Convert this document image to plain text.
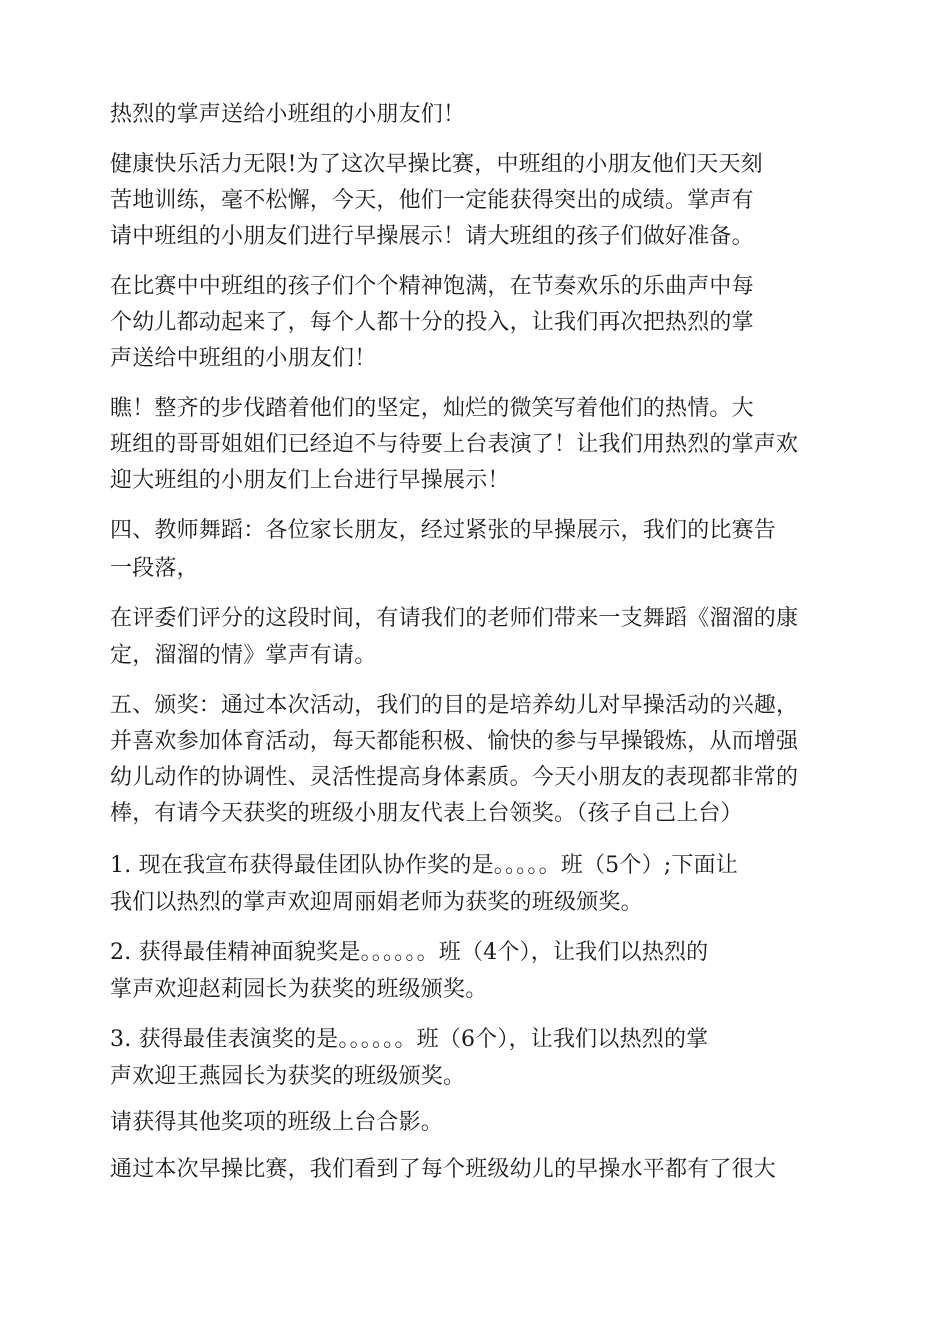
热烈的掌声送给小班组的小朋友们！
健康快乐活力无限!为了这次早操比赛，中班组的小朋友他们天天刻
苦地训练，毫不松懈，今天，他们一定能获得突出的成绩。掌声有
请中班组的小朋友们进行早操展示！请大班组的孩子们做好准备。
在比赛中中班组的孩子们个个精神饱满，在节奏欢乐的乐曲声中每
个幼儿都动起来了，每个人都十分的投入，让我们再次把热烈的掌
声送给中班组的小朋友们！
瞧！整齐的步伐踏着他们的坚定，灿烂的微笑写着他们的热情。大
班组的哥哥姐姐们已经迫不与待要上台表演了！让我们用热烈的掌声欢
迎大班组的小朋友们上台进行早操展示！
四、教师舞蹈：各位家长朋友，经过紧张的早操展示，我们的比赛告
一段落，
在评委们评分的这段时间，有请我们的老师们带来一支舞蹈《溜溜的康
定，溜溜的情》掌声有请。
五、颁奖：通过本次活动，我们的目的是培养幼儿对早操活动的兴趣，
并喜欢参加体育活动，每天都能积极、愉快的参与早操锻炼，从而增强
幼儿动作的协调性、灵活性提高身体素质。今天小朋友的表现都非常的
棒，有请今天获奖的班级小朋友代表上台领奖。（孩子自己上台）
1. 现在我宣布获得最佳团队协作奖的是。。。。。班（5个）;下面让
我们以热烈的掌声欢迎周丽娟老师为获奖的班级颁奖。
2. 获得最佳精神面貌奖是。。。。。。班（4个），让我们以热烈的
掌声欢迎赵莉园长为获奖的班级颁奖。
3. 获得最佳表演奖的是。。。。。。班（6个），让我们以热烈的掌
声欢迎王燕园长为获奖的班级颁奖。
请获得其他奖项的班级上台合影。
通过本次早操比赛，我们看到了每个班级幼儿的早操水平都有了很大
